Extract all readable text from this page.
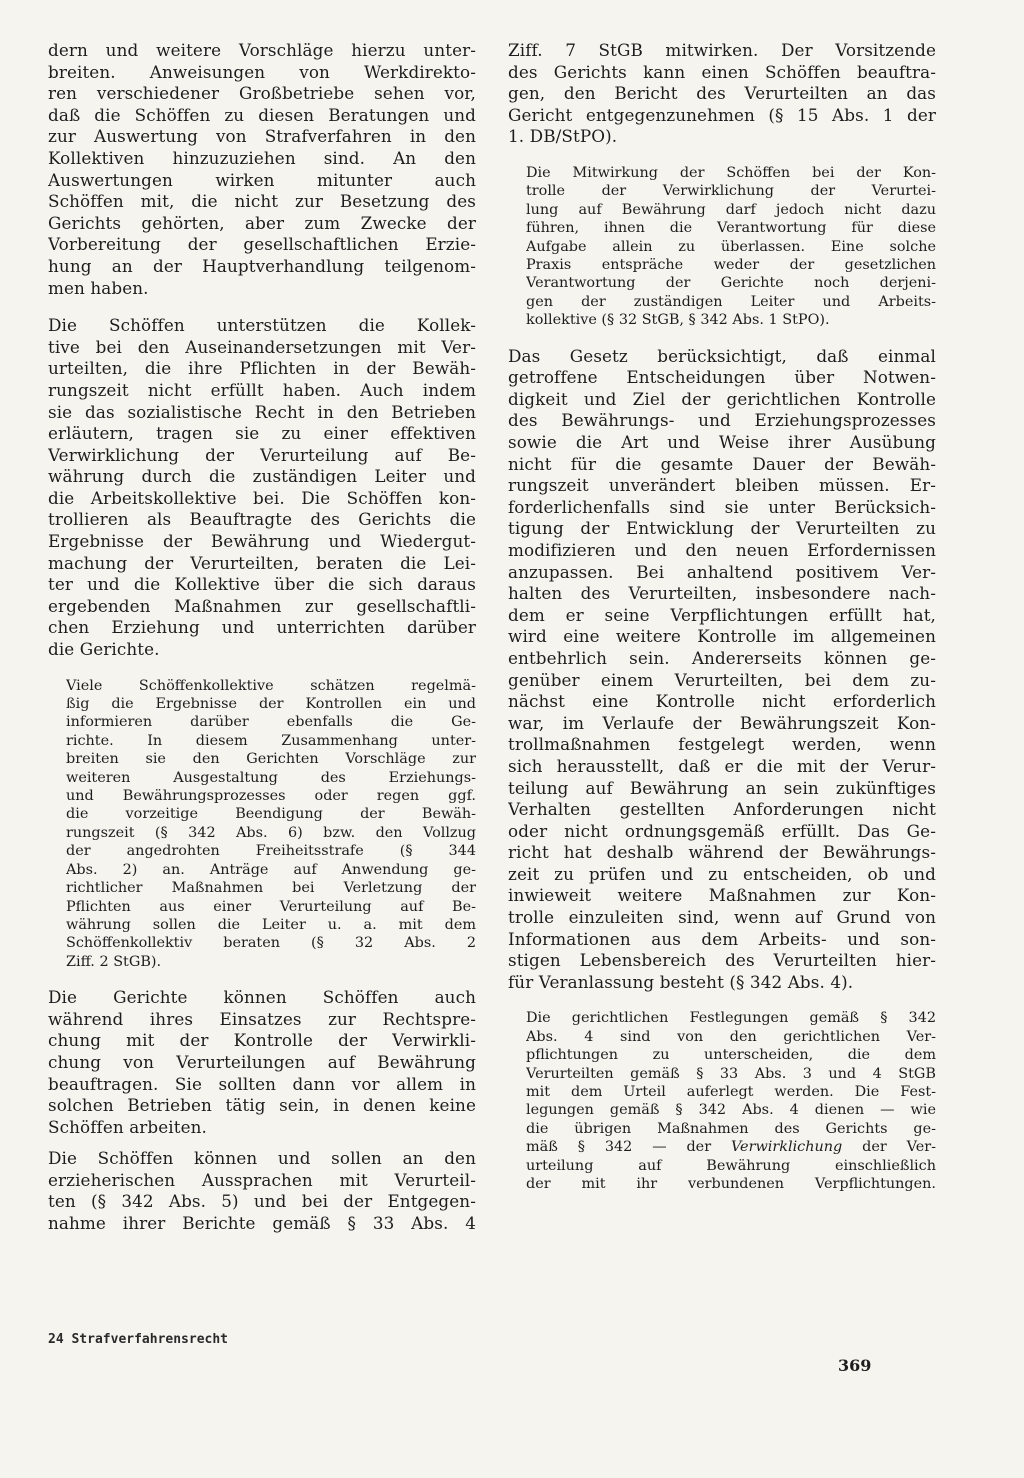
dern und weitere Vorschläge hierzu unter-
breiten. Anweisungen von Werkdirekto-
ren verschiedener Großbetriebe sehen vor,
daß die Schöffen zu diesen Beratungen und
zur Auswertung von Strafverfahren in den
Kollektiven hinzuzuziehen sind. An den
Auswertungen wirken mitunter auch
Schöffen mit, die nicht zur Besetzung des
Gerichts gehörten, aber zum Zwecke der
Vorbereitung der gesellschaftlichen Erzie-
hung an der Hauptverhandlung teilgenom-
men haben.
Die Schöffen unterstützen die Kollek-
tive bei den Auseinandersetzungen mit Ver-
urteilten, die ihre Pflichten in der Bewäh-
rungszeit nicht erfüllt haben. Auch indem
sie das sozialistische Recht in den Betrieben
erläutern, tragen sie zu einer effektiven
Verwirklichung der Verurteilung auf Be-
währung durch die zuständigen Leiter und
die Arbeitskollektive bei. Die Schöffen kon-
trollieren als Beauftragte des Gerichts die
Ergebnisse der Bewährung und Wiedergut-
machung der Verurteilten, beraten die Lei-
ter und die Kollektive über die sich daraus
ergebenden Maßnahmen zur gesellschaftli-
chen Erziehung und unterrichten darüber
die Gerichte.
Viele Schöffenkollektive schätzen regelmä-
ßig die Ergebnisse der Kontrollen ein und
informieren darüber ebenfalls die Ge-
richte. In diesem Zusammenhang unter-
breiten sie den Gerichten Vorschläge zur
weiteren Ausgestaltung des Erziehungs-
und Bewährungsprozesses oder regen ggf.
die vorzeitige Beendigung der Bewäh-
rungszeit (§ 342 Abs. 6) bzw. den Vollzug
der angedrohten Freiheitsstrafe (§ 344
Abs. 2) an. Anträge auf Anwendung ge-
richtlicher Maßnahmen bei Verletzung der
Pflichten aus einer Verurteilung auf Be-
währung sollen die Leiter u. a. mit dem
Schöffenkollektiv beraten (§ 32 Abs. 2
Ziff. 2 StGB).
Die Gerichte können Schöffen auch
während ihres Einsatzes zur Rechtspre-
chung mit der Kontrolle der Verwirkli-
chung von Verurteilungen auf Bewährung
beauftragen. Sie sollten dann vor allem in
solchen Betrieben tätig sein, in denen keine
Schöffen arbeiten.
Die Schöffen können und sollen an den
erzieherischen Aussprachen mit Verurteil-
ten (§ 342 Abs. 5) und bei der Entgegen-
nahme ihrer Berichte gemäß § 33 Abs. 4
Ziff. 7 StGB mitwirken. Der Vorsitzende
des Gerichts kann einen Schöffen beauftra-
gen, den Bericht des Verurteilten an das
Gericht entgegenzunehmen (§ 15 Abs. 1 der
1. DB/StPO).
Die Mitwirkung der Schöffen bei der Kon-
trolle der Verwirklichung der Verurtei-
lung auf Bewährung darf jedoch nicht dazu
führen, ihnen die Verantwortung für diese
Aufgabe allein zu überlassen. Eine solche
Praxis entspräche weder der gesetzlichen
Verantwortung der Gerichte noch derjeni-
gen der zuständigen Leiter und Arbeits-
kollektive (§ 32 StGB, § 342 Abs. 1 StPO).
Das Gesetz berücksichtigt, daß einmal
getroffene Entscheidungen über Notwen-
digkeit und Ziel der gerichtlichen Kontrolle
des Bewährungs- und Erziehungsprozesses
sowie die Art und Weise ihrer Ausübung
nicht für die gesamte Dauer der Bewäh-
rungszeit unverändert bleiben müssen. Er-
forderlichenfalls sind sie unter Berücksich-
tigung der Entwicklung der Verurteilten zu
modifizieren und den neuen Erfordernissen
anzupassen. Bei anhaltend positivem Ver-
halten des Verurteilten, insbesondere nach-
dem er seine Verpflichtungen erfüllt hat,
wird eine weitere Kontrolle im allgemeinen
entbehrlich sein. Andererseits können ge-
genüber einem Verurteilten, bei dem zu-
nächst eine Kontrolle nicht erforderlich
war, im Verlaufe der Bewährungszeit Kon-
trollmaßnahmen festgelegt werden, wenn
sich herausstellt, daß er die mit der Verur-
teilung auf Bewährung an sein zukünftiges
Verhalten gestellten Anforderungen nicht
oder nicht ordnungsgemäß erfüllt. Das Ge-
richt hat deshalb während der Bewährungs-
zeit zu prüfen und zu entscheiden, ob und
inwieweit weitere Maßnahmen zur Kon-
trolle einzuleiten sind, wenn auf Grund von
Informationen aus dem Arbeits- und son-
stigen Lebensbereich des Verurteilten hier-
für Veranlassung besteht (§ 342 Abs. 4).
Die gerichtlichen Festlegungen gemäß § 342
Abs. 4 sind von den gerichtlichen Ver-
pflichtungen zu unterscheiden, die dem
Verurteilten gemäß § 33 Abs. 3 und 4 StGB
mit dem Urteil auferlegt werden. Die Fest-
legungen gemäß § 342 Abs. 4 dienen — wie
die übrigen Maßnahmen des Gerichts ge-
mäß § 342 — der Verwirklichung der Ver-
urteilung auf Bewährung einschließlich
der mit ihr verbundenen Verpflichtungen.
24 Strafverfahrensrecht
369
